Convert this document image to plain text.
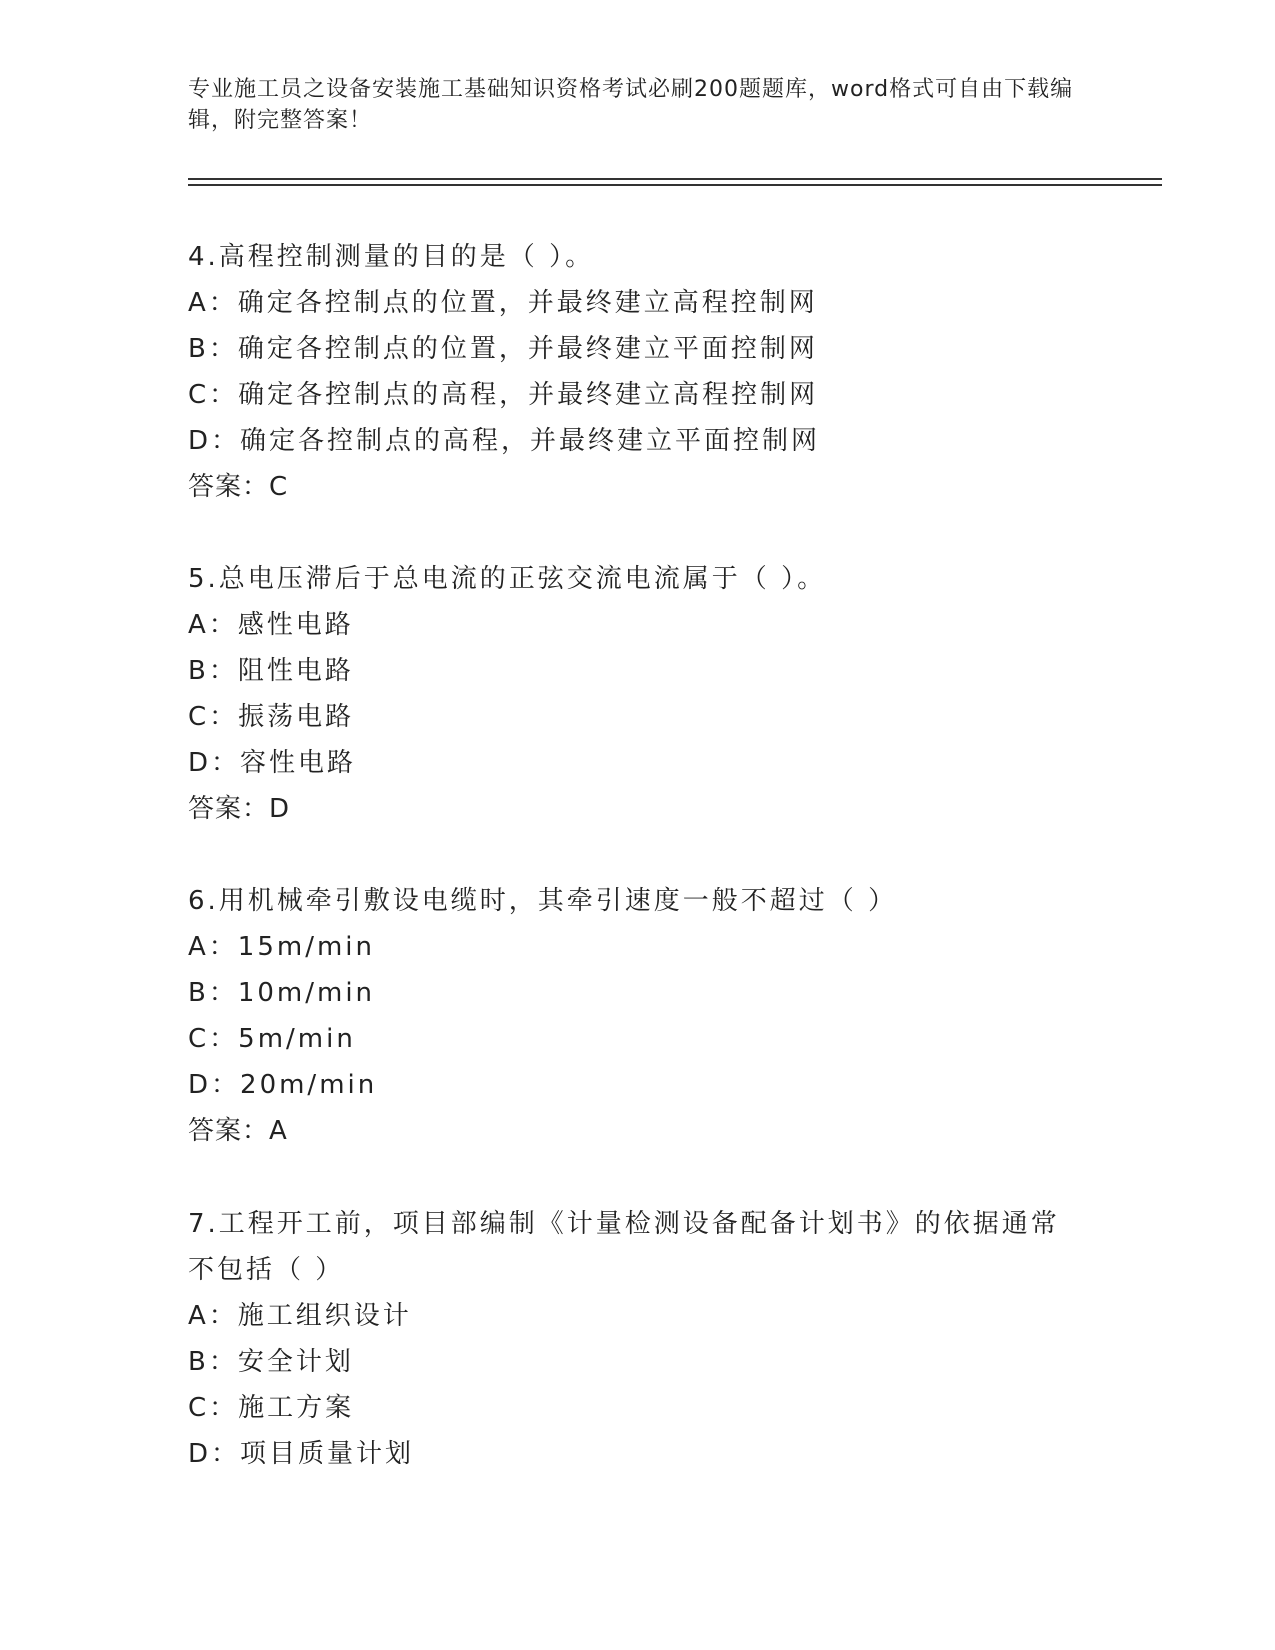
专业施工员之设备安装施工基础知识资格考试必刷200题题库，word格式可自由下载编辑，附完整答案！
4.高程控制测量的目的是（ ）。
A：确定各控制点的位置，并最终建立高程控制网
B：确定各控制点的位置，并最终建立平面控制网
C：确定各控制点的高程，并最终建立高程控制网
D：确定各控制点的高程，并最终建立平面控制网
答案：C
5.总电压滞后于总电流的正弦交流电流属于（ ）。
A：感性电路
B：阻性电路
C：振荡电路
D：容性电路
答案：D
6.用机械牵引敷设电缆时，其牵引速度一般不超过（ ）
A：15m/min
B：10m/min
C：5m/min
D：20m/min
答案：A
7.工程开工前，项目部编制《计量检测设备配备计划书》的依据通常不包括（ ）
A：施工组织设计
B：安全计划
C：施工方案
D：项目质量计划
